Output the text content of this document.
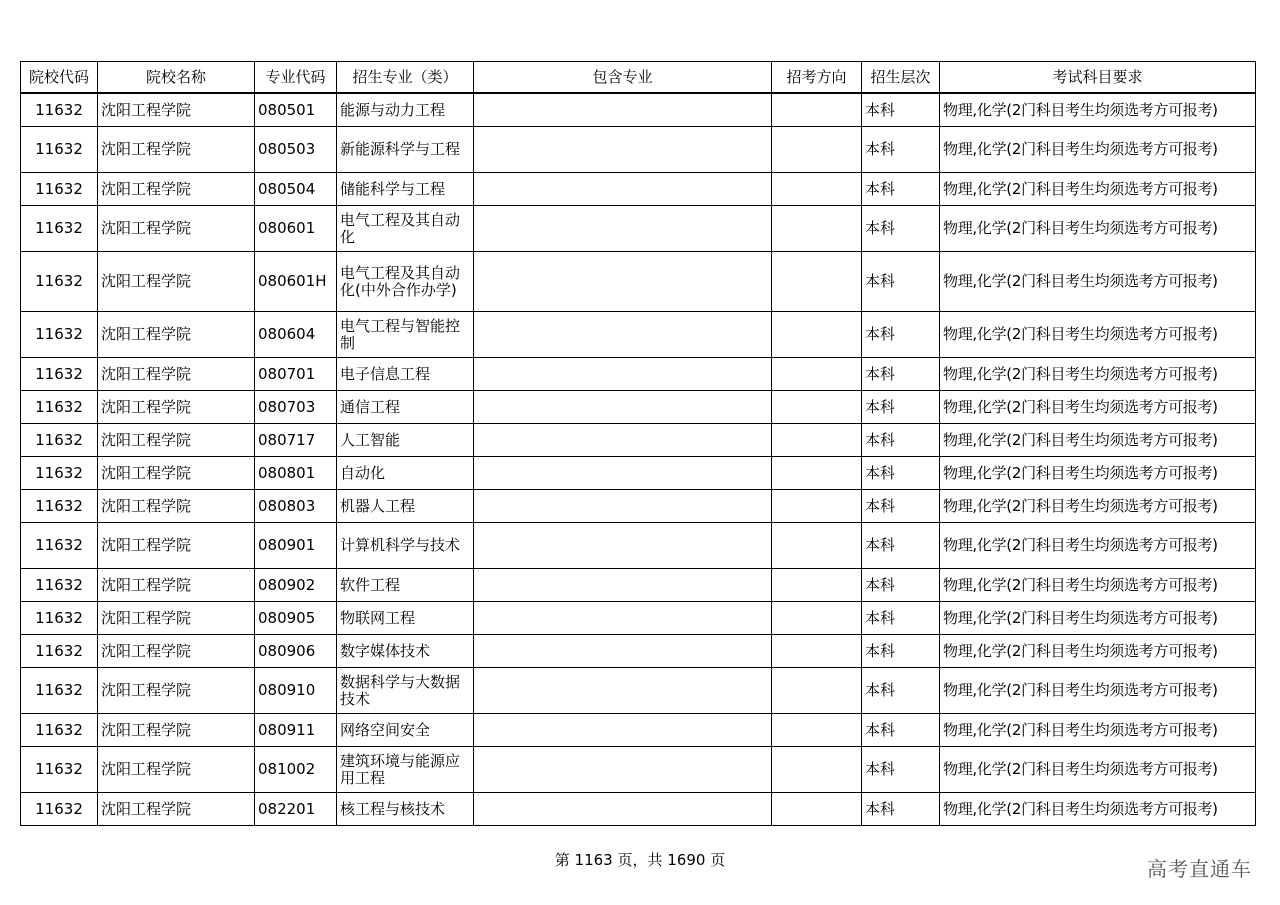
院校代码	院校名称	专业代码	招生专业（类）	包含专业	招考方向	招生层次	考试科目要求
11632	沈阳工程学院	080501	能源与动力工程			本科	物理,化学(2门科目考生均须选考方可报考)
11632	沈阳工程学院	080503	新能源科学与工程			本科	物理,化学(2门科目考生均须选考方可报考)
11632	沈阳工程学院	080504	储能科学与工程			本科	物理,化学(2门科目考生均须选考方可报考)
11632	沈阳工程学院	080601	电气工程及其自动化			本科	物理,化学(2门科目考生均须选考方可报考)
11632	沈阳工程学院	080601H	电气工程及其自动化(中外合作办学)			本科	物理,化学(2门科目考生均须选考方可报考)
11632	沈阳工程学院	080604	电气工程与智能控制			本科	物理,化学(2门科目考生均须选考方可报考)
11632	沈阳工程学院	080701	电子信息工程			本科	物理,化学(2门科目考生均须选考方可报考)
11632	沈阳工程学院	080703	通信工程			本科	物理,化学(2门科目考生均须选考方可报考)
11632	沈阳工程学院	080717	人工智能			本科	物理,化学(2门科目考生均须选考方可报考)
11632	沈阳工程学院	080801	自动化			本科	物理,化学(2门科目考生均须选考方可报考)
11632	沈阳工程学院	080803	机器人工程			本科	物理,化学(2门科目考生均须选考方可报考)
11632	沈阳工程学院	080901	计算机科学与技术			本科	物理,化学(2门科目考生均须选考方可报考)
11632	沈阳工程学院	080902	软件工程			本科	物理,化学(2门科目考生均须选考方可报考)
11632	沈阳工程学院	080905	物联网工程			本科	物理,化学(2门科目考生均须选考方可报考)
11632	沈阳工程学院	080906	数字媒体技术			本科	物理,化学(2门科目考生均须选考方可报考)
11632	沈阳工程学院	080910	数据科学与大数据技术			本科	物理,化学(2门科目考生均须选考方可报考)
11632	沈阳工程学院	080911	网络空间安全			本科	物理,化学(2门科目考生均须选考方可报考)
11632	沈阳工程学院	081002	建筑环境与能源应用工程			本科	物理,化学(2门科目考生均须选考方可报考)
11632	沈阳工程学院	082201	核工程与核技术			本科	物理,化学(2门科目考生均须选考方可报考)
第 1163 页，共 1690 页	高考直通车
